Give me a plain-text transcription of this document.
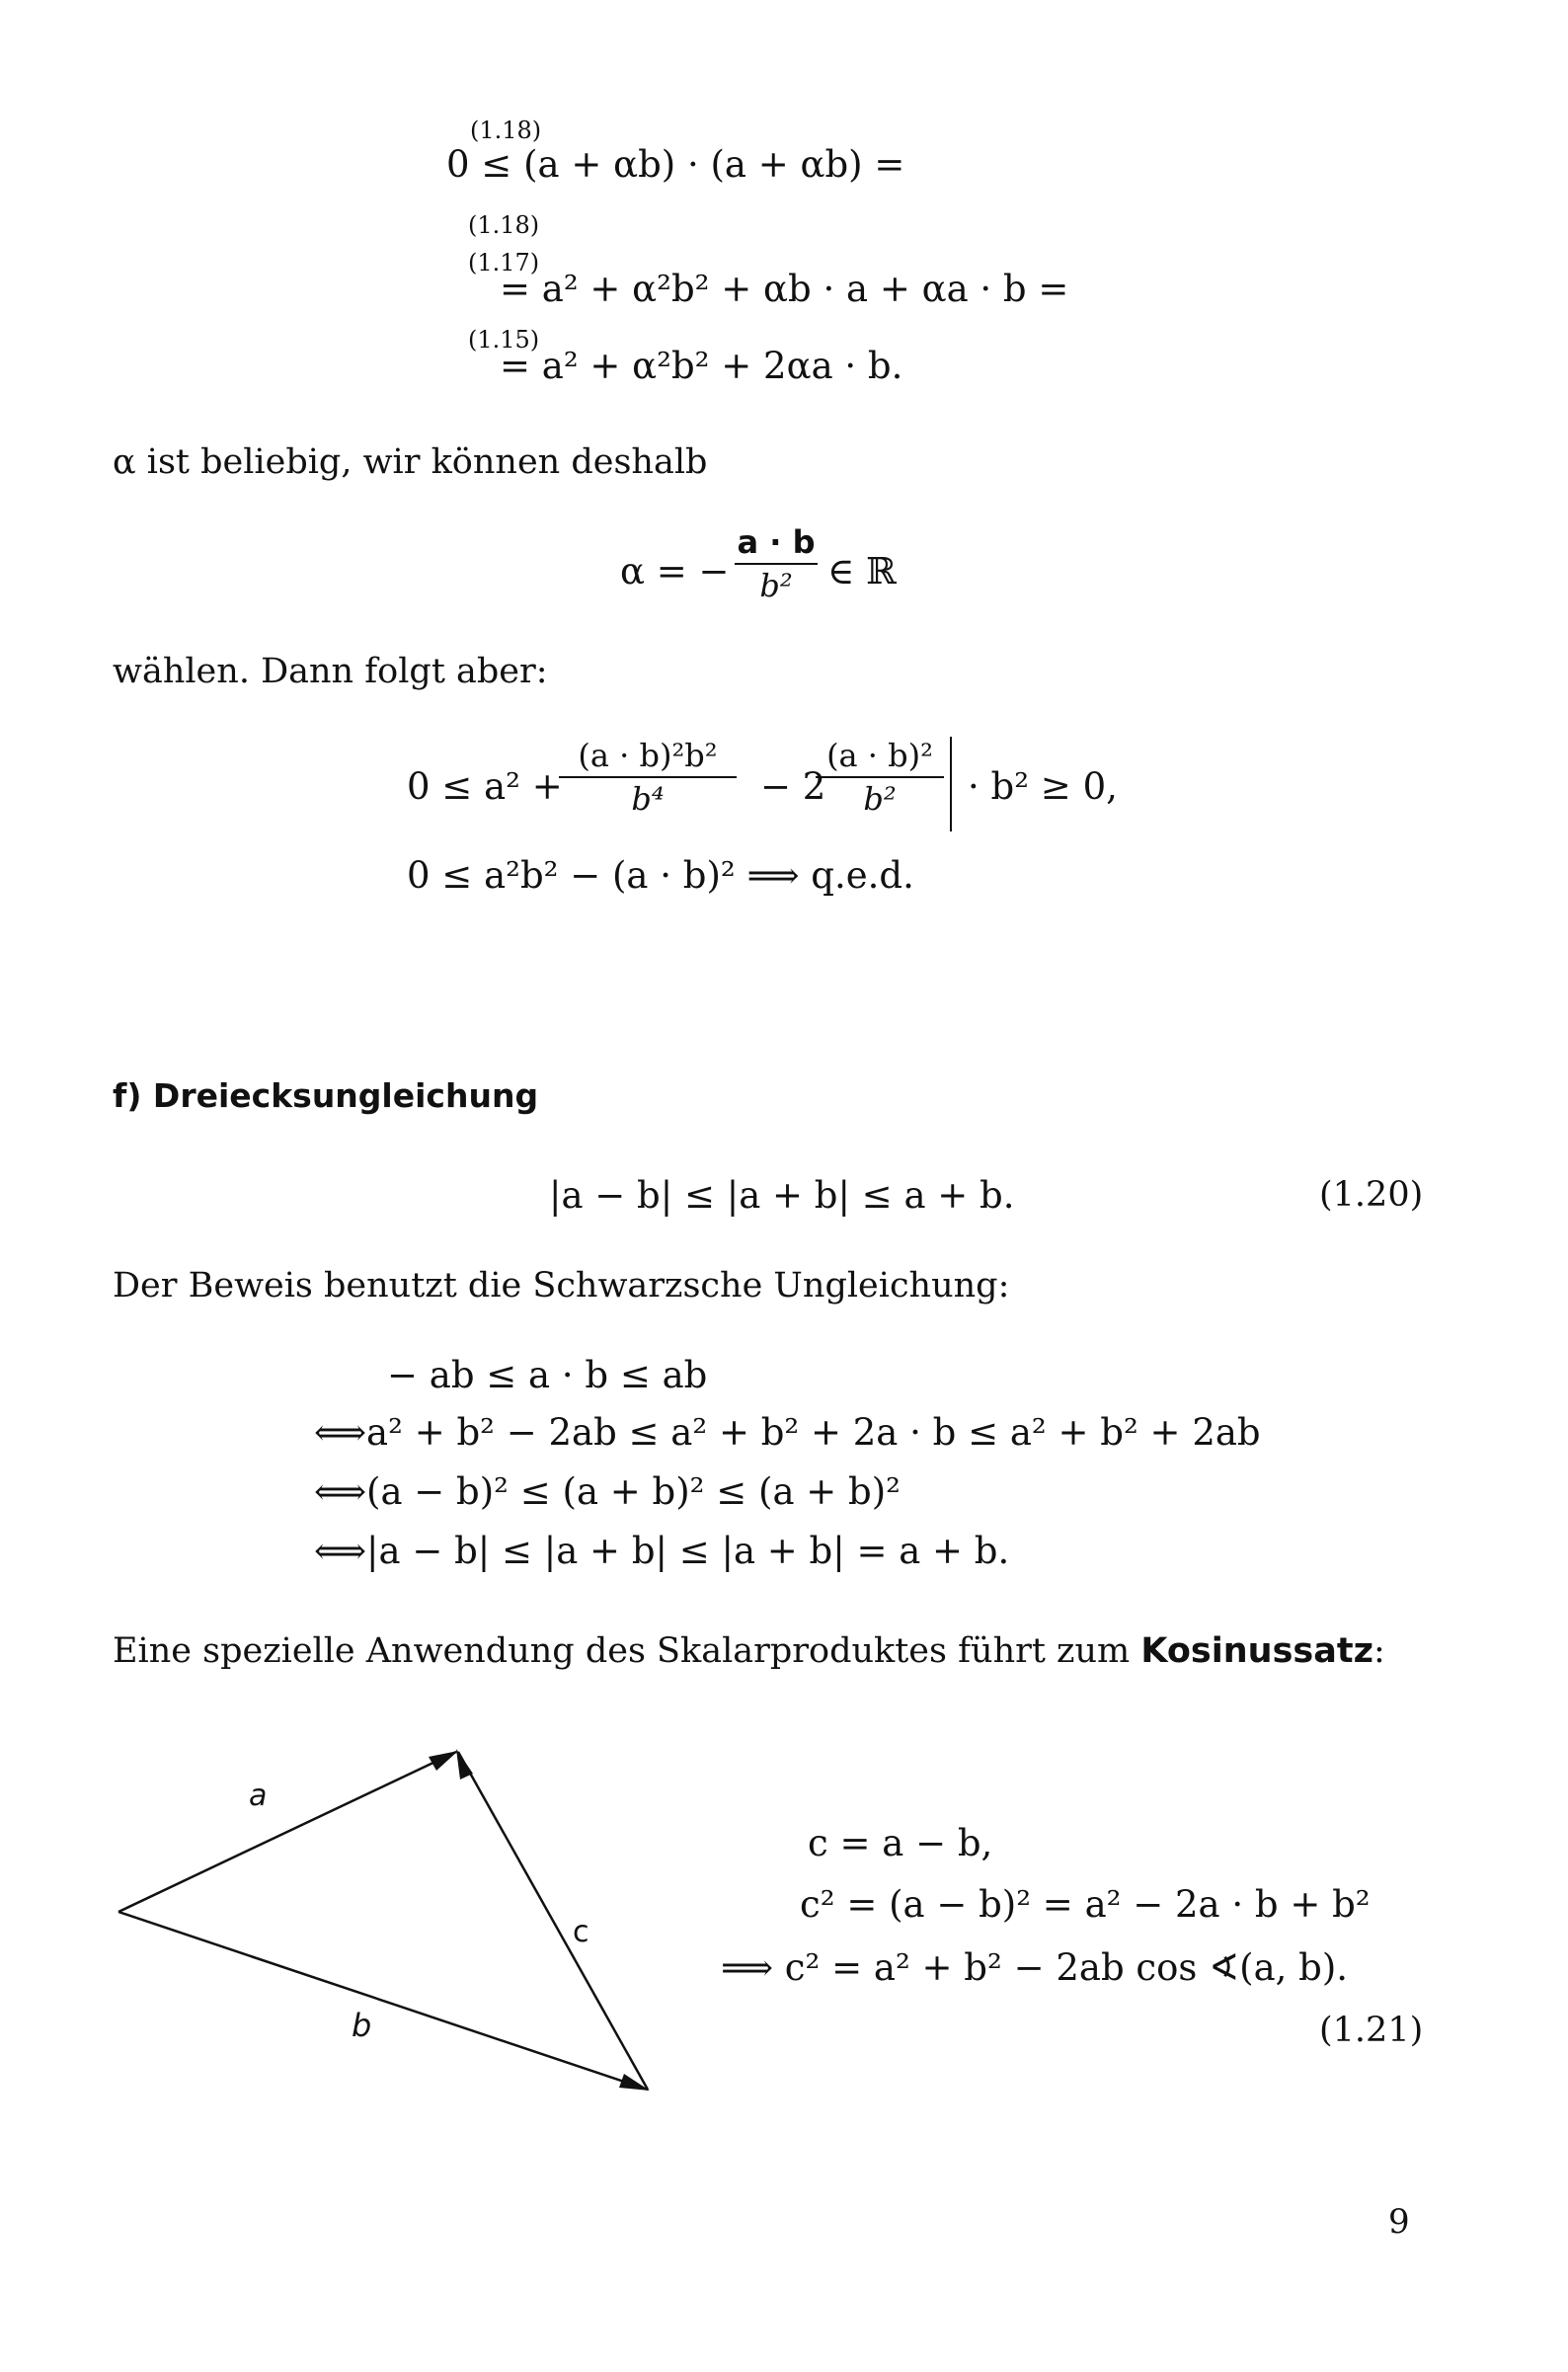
(1.18)
0 ≤ (a + αb) · (a + αb) =
(1.18)
(1.17)
= a² + α²b² + αb · a + αa · b =
(1.15)
= a² + α²b² + 2αa · b.
α ist beliebig, wir können deshalb
α = −
a · b
b² ∈ ℝ
wählen. Dann folgt aber:
0 ≤ a² +
(a · b)²b²
b⁴	− 2
(a · b)²
b²	· b² ≥ 0,
0 ≤ a²b² − (a · b)² ⟹ q.e.d.
f) Dreiecksungleichung
|a − b| ≤ |a + b| ≤ a + b.	(1.20)
Der Beweis benutzt die Schwarzsche Ungleichung:
− ab ≤ a · b ≤ ab
⟺a² + b² − 2ab ≤ a² + b² + 2a · b ≤ a² + b² + 2ab
⟺(a − b)² ≤ (a + b)² ≤ (a + b)²
⟺|a − b| ≤ |a + b| ≤ |a + b| = a + b.
Eine spezielle Anwendung des Skalarproduktes führt zum Kosinussatz:
a
b
c
c = a − b,
c² = (a − b)² = a² − 2a · b + b²
⟹ c² = a² + b² − 2ab cos ∢(a, b).
(1.21)
9
